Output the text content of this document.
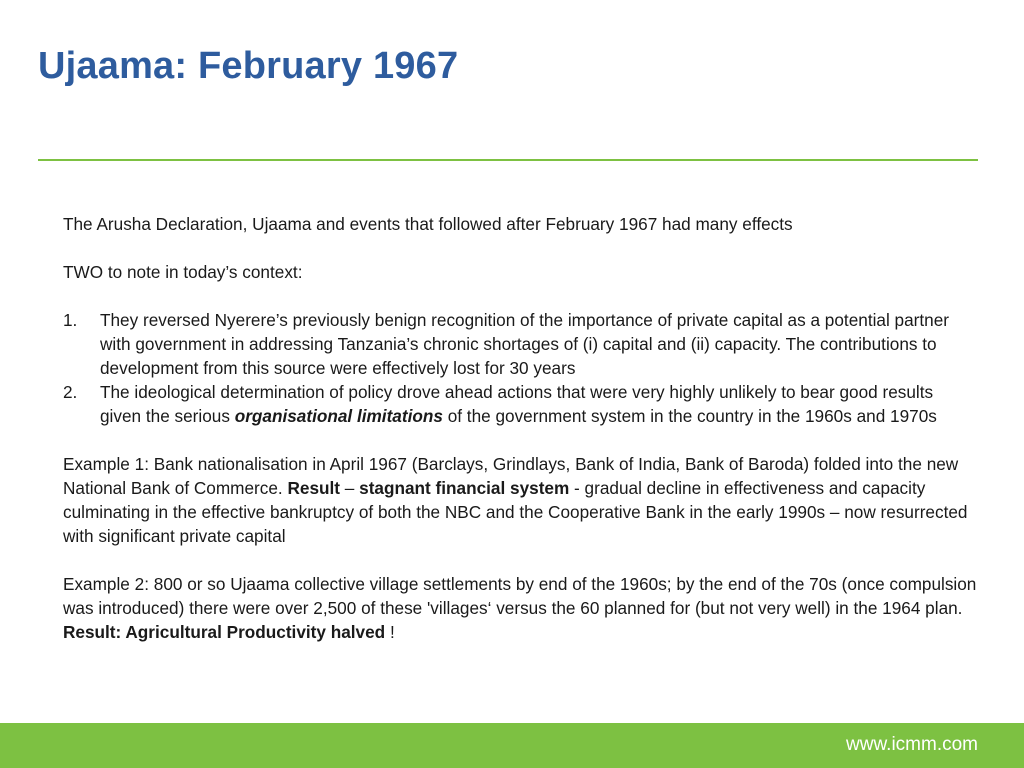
Ujaama: February 1967

The Arusha Declaration, Ujaama and events that followed after February 1967 had many effects

TWO to note in today’s context:

1. They reversed Nyerere’s previously benign recognition of the importance of private capital as a potential partner with government in addressing Tanzania’s chronic shortages of (i) capital and (ii) capacity. The contributions to development from this source were effectively lost for 30 years
2. The ideological determination of policy drove ahead actions that were very highly unlikely to bear good results given the serious organisational limitations of the government system in the country in the 1960s and 1970s

Example 1: Bank nationalisation in April 1967 (Barclays, Grindlays, Bank of India, Bank of Baroda) folded into the new National Bank of Commerce. Result – stagnant financial system - gradual decline in effectiveness and capacity culminating in the effective bankruptcy of both the NBC and the Cooperative Bank in the early 1990s – now resurrected with significant private capital

Example 2: 800 or so Ujaama collective village settlements by end of the 1960s; by the end of the 70s (once compulsion was introduced) there were over 2,500 of these 'villages‘ versus the 60 planned for (but not very well) in the 1964 plan. Result: Agricultural Productivity halved !

www.icmm.com
